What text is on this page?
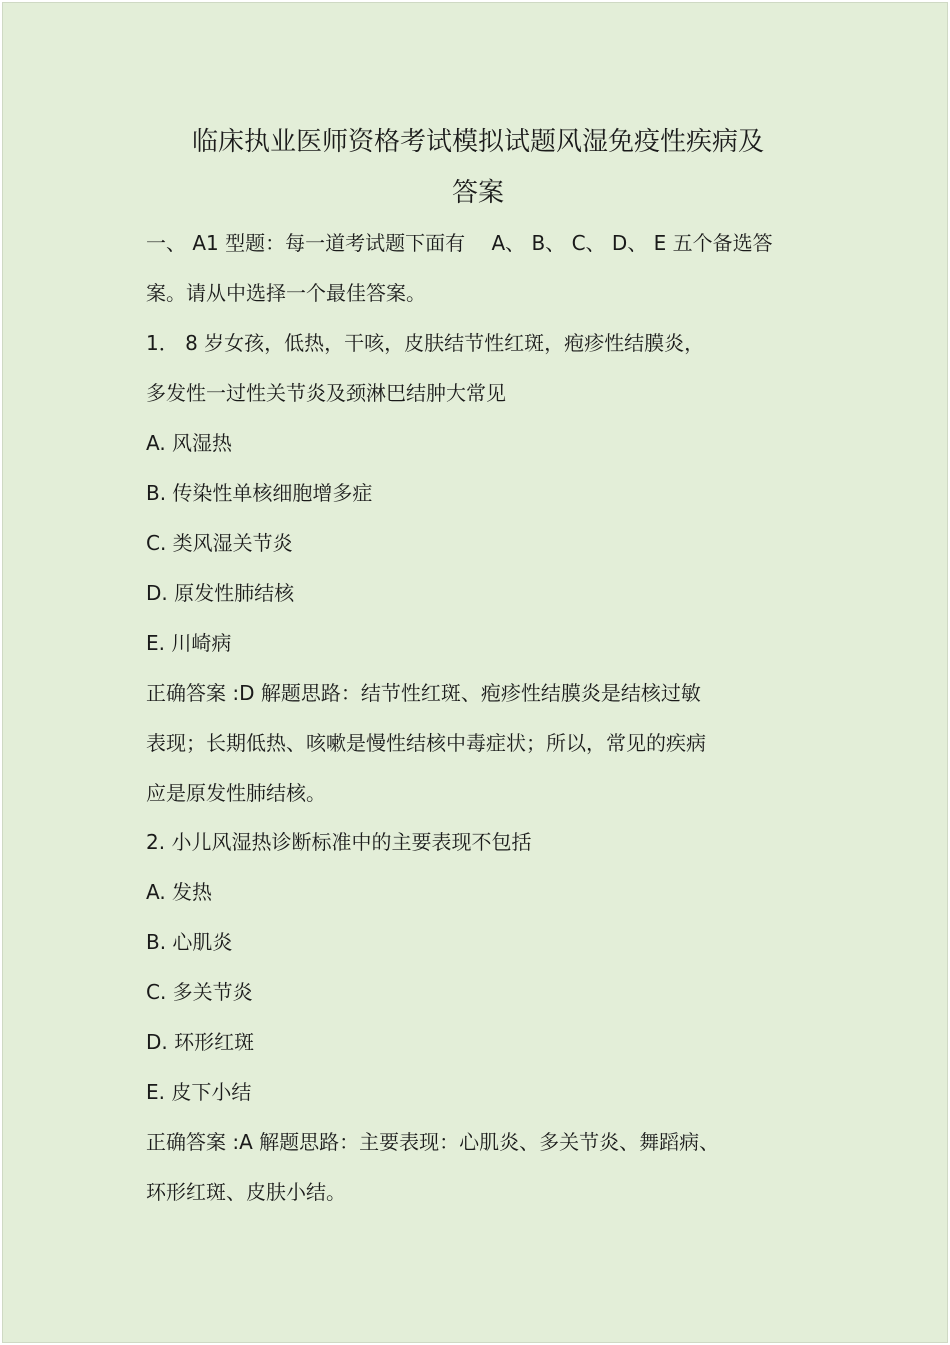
临床执业医师资格考试模拟试题风湿免疫性疾病及
答案
一、 A1 型题：每一道考试题下面有　 A、 B、 C、 D、 E 五个备选答
案。请从中选择一个最佳答案。
1． 8 岁女孩，低热，干咳，皮肤结节性红斑，疱疹性结膜炎，
多发性一过性关节炎及颈淋巴结肿大常见
A. 风湿热
B. 传染性单核细胞增多症
C. 类风湿关节炎
D. 原发性肺结核
E. 川崎病
正确答案 :D 解题思路：结节性红斑、疱疹性结膜炎是结核过敏
表现；长期低热、咳嗽是慢性结核中毒症状；所以，常见的疾病
应是原发性肺结核。
2. 小儿风湿热诊断标准中的主要表现不包括
A. 发热
B. 心肌炎
C. 多关节炎
D. 环形红斑
E. 皮下小结
正确答案 :A 解题思路：主要表现：心肌炎、多关节炎、舞蹈病、
环形红斑、皮肤小结。
